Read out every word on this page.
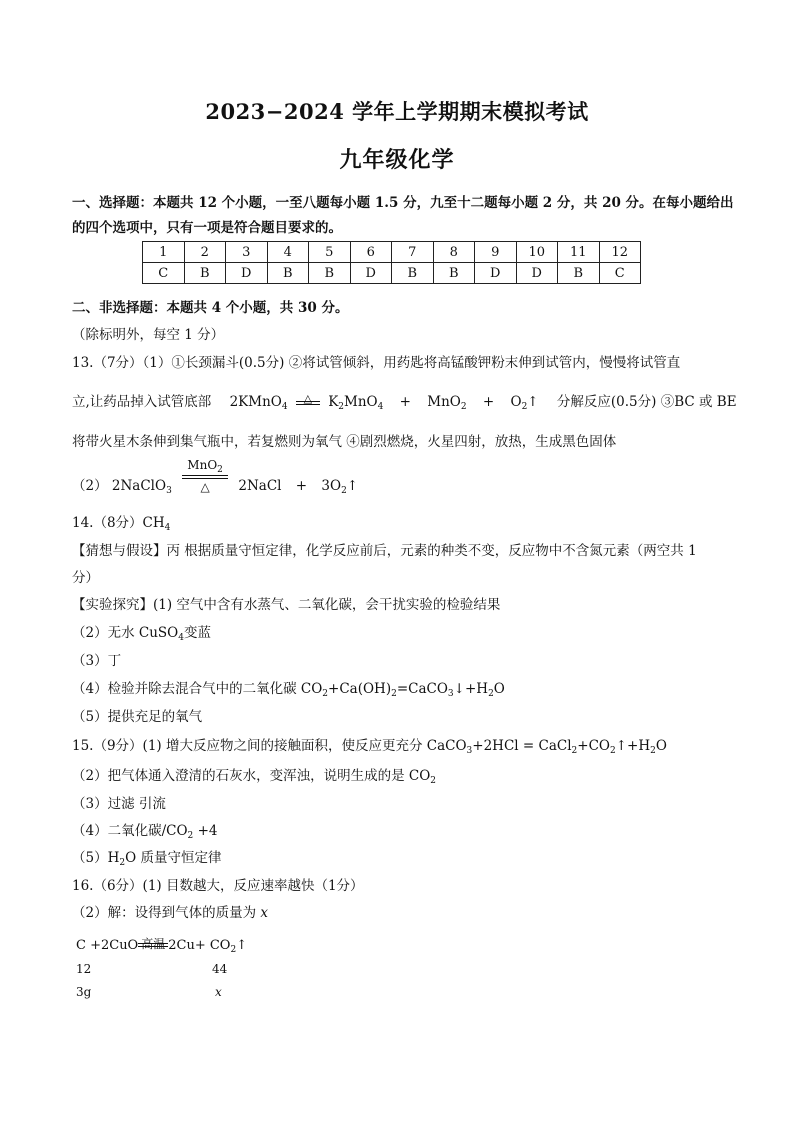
2023−2024 学年上学期期末模拟考试
九年级化学
一、选择题：本题共 12 个小题，一至八题每小题 1.5 分，九至十二题每小题 2 分，共 20 分。在每小题给出
的四个选项中，只有一项是符合题目要求的。
1	2	3	4	5	6	7	8	9	10	11	12
C	B	D	B	B	D	B	B	D	D	B	C
二、非选择题：本题共 4 个小题，共 30 分。
（除标明外，每空 1 分）
13.（7分）（1）①长颈漏斗(0.5分) ②将试管倾斜，用药匙将高锰酸钾粉末伸到试管内，慢慢将试管直
立,让药品掉入试管底部 2KMnO$_4$
△	$K_2MnO_4 + MnO_2$ + $O_2↑$ 分解反应(0.5分) ③BC 或 BE
将带火星木条伸到集气瓶中，若复燃则为氧气 ④剧烈燃烧，火星四射，放热，生成黑色固体
（2） 2NaClO$_3$ $\frac{MnO_2}{\triangle}$ 2NaCl + $3O_2↑$
14.（8分）$CH_4$
【猜想与假设】丙 根据质量守恒定律，化学反应前后，元素的种类不变，反应物中不含氮元素（两空共 1
分）
【实验探究】(1) 空气中含有水蒸气、二氧化碳，会干扰实验的检验结果
（2）无水 CuSO$_4$变蓝
（3）丁
（4）检验并除去混合气中的二氧化碳 $CO_2+Ca(OH)_2=CaCO_3↓+H_2O$
（5）提供充足的氧气
15.（9分）(1) 增大反应物之间的接触面积，使反应更充分 CaCO$_3$+2HCl = $CaCl_2+CO_2↑+H_2O$
（2）把气体通入澄清的石灰水，变浑浊，说明生成的是 $CO_2$
（3）过滤 引流
（4）二氧化碳$/CO_2 +4$
$(5)H_2O$ 质量守恒定律
16.（6分）(1) 目数越大，反应速率越快（1分）
（2）解：设得到气体的质量为 x
C +2CuO 高温 $2Cu+ CO_2↑$
12	44
3g	x
